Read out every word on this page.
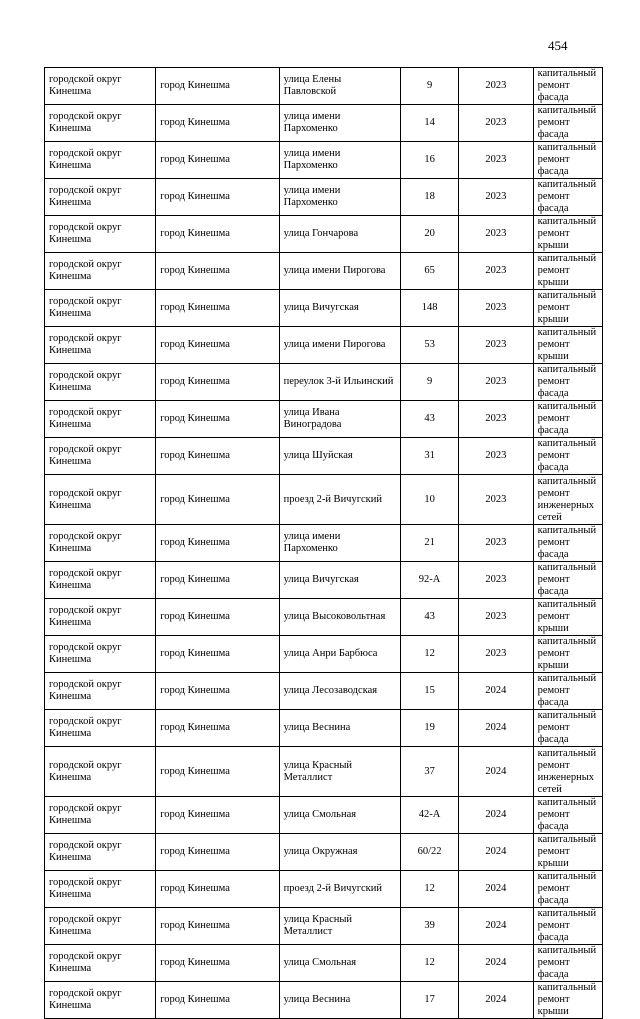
454
городской округ Кинешма	город Кинешма	улица Елены Павловской	9	2023	капитальный ремонт фасада
городской округ Кинешма	город Кинешма	улица имени Пархоменко	14	2023	капитальный ремонт фасада
городской округ Кинешма	город Кинешма	улица имени Пархоменко	16	2023	капитальный ремонт фасада
городской округ Кинешма	город Кинешма	улица имени Пархоменко	18	2023	капитальный ремонт фасада
городской округ Кинешма	город Кинешма	улица Гончарова	20	2023	капитальный ремонт крыши
городской округ Кинешма	город Кинешма	улица имени Пирогова	65	2023	капитальный ремонт крыши
городской округ Кинешма	город Кинешма	улица Вичугская	148	2023	капитальный ремонт крыши
городской округ Кинешма	город Кинешма	улица имени Пирогова	53	2023	капитальный ремонт крыши
городской округ Кинешма	город Кинешма	переулок 3-й Ильинский	9	2023	капитальный ремонт фасада
городской округ Кинешма	город Кинешма	улица Ивана Виноградова	43	2023	капитальный ремонт фасада
городской округ Кинешма	город Кинешма	улица Шуйская	31	2023	капитальный ремонт фасада
городской округ Кинешма	город Кинешма	проезд 2-й Вичугский	10	2023	капитальный ремонт инженерных сетей
городской округ Кинешма	город Кинешма	улица имени Пархоменко	21	2023	капитальный ремонт фасада
городской округ Кинешма	город Кинешма	улица Вичугская	92-А	2023	капитальный ремонт фасада
городской округ Кинешма	город Кинешма	улица Высоковольтная	43	2023	капитальный ремонт крыши
городской округ Кинешма	город Кинешма	улица Анри Барбюса	12	2023	капитальный ремонт крыши
городской округ Кинешма	город Кинешма	улица Лесозаводская	15	2024	капитальный ремонт фасада
городской округ Кинешма	город Кинешма	улица Веснина	19	2024	капитальный ремонт фасада
городской округ Кинешма	город Кинешма	улица Красный Металлист	37	2024	капитальный ремонт инженерных сетей
городской округ Кинешма	город Кинешма	улица Смольная	42-А	2024	капитальный ремонт фасада
городской округ Кинешма	город Кинешма	улица Окружная	60/22	2024	капитальный ремонт крыши
городской округ Кинешма	город Кинешма	проезд 2-й Вичугский	12	2024	капитальный ремонт фасада
городской округ Кинешма	город Кинешма	улица Красный Металлист	39	2024	капитальный ремонт фасада
городской округ Кинешма	город Кинешма	улица Смольная	12	2024	капитальный ремонт фасада
городской округ Кинешма	город Кинешма	улица Веснина	17	2024	капитальный ремонт крыши
